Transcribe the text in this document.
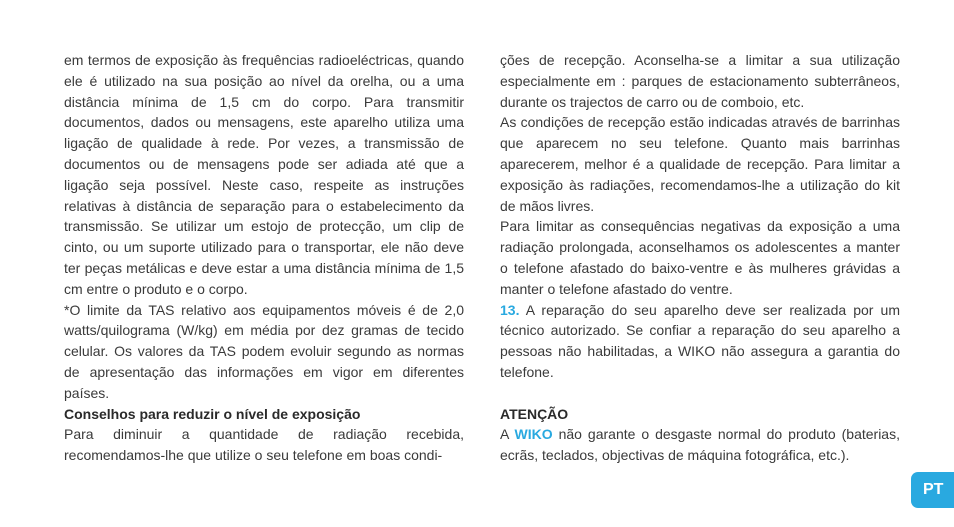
em termos de exposição às frequências radioeléctricas, quando ele é utilizado na sua posição ao nível da orelha, ou a uma distância mínima de 1,5 cm do corpo. Para transmitir documentos, dados ou mensagens, este aparelho utiliza uma ligação de qualidade à rede. Por vezes, a transmissão de documentos ou de mensagens pode ser adiada até que a ligação seja possível. Neste caso, respeite as instruções relativas à distância de separação para o estabelecimento da transmissão. Se utilizar um estojo de protecção, um clip de cinto, ou um suporte utilizado para o transportar, ele não deve ter peças metálicas e deve estar a uma distância mínima de 1,5 cm entre o produto e o corpo.

*O limite da TAS relativo aos equipamentos móveis é de 2,0 watts/quilograma (W/kg) em média por dez gramas de tecido celular. Os valores da TAS podem evoluir segundo as normas de apresentação das informações em vigor em diferentes países.

Conselhos para reduzir o nível de exposição

Para diminuir a quantidade de radiação recebida, recomendamos-lhe que utilize o seu telefone em boas condi-

ções de recepção. Aconselha-se a limitar a sua utilização especialmente em : parques de estacionamento subterrâneos, durante os trajectos de carro ou de comboio, etc.

As condições de recepção estão indicadas através de barrinhas que aparecem no seu telefone. Quanto mais barrinhas aparecerem, melhor é a qualidade de recepção. Para limitar a exposição às radiações, recomendamos-lhe a utilização do kit de mãos livres.

Para limitar as consequências negativas da exposição a uma radiação prolongada, aconselhamos os adolescentes a manter o telefone afastado do baixo-ventre e às mulheres grávidas a manter o telefone afastado do ventre.

13. A reparação do seu aparelho deve ser realizada por um técnico autorizado. Se confiar a reparação do seu aparelho a pessoas não habilitadas, a WIKO não assegura a garantia do telefone.

ATENÇÃO

A WIKO não garante o desgaste normal do produto (baterias, ecrãs, teclados, objectivas de máquina fotográfica, etc.).

PT
